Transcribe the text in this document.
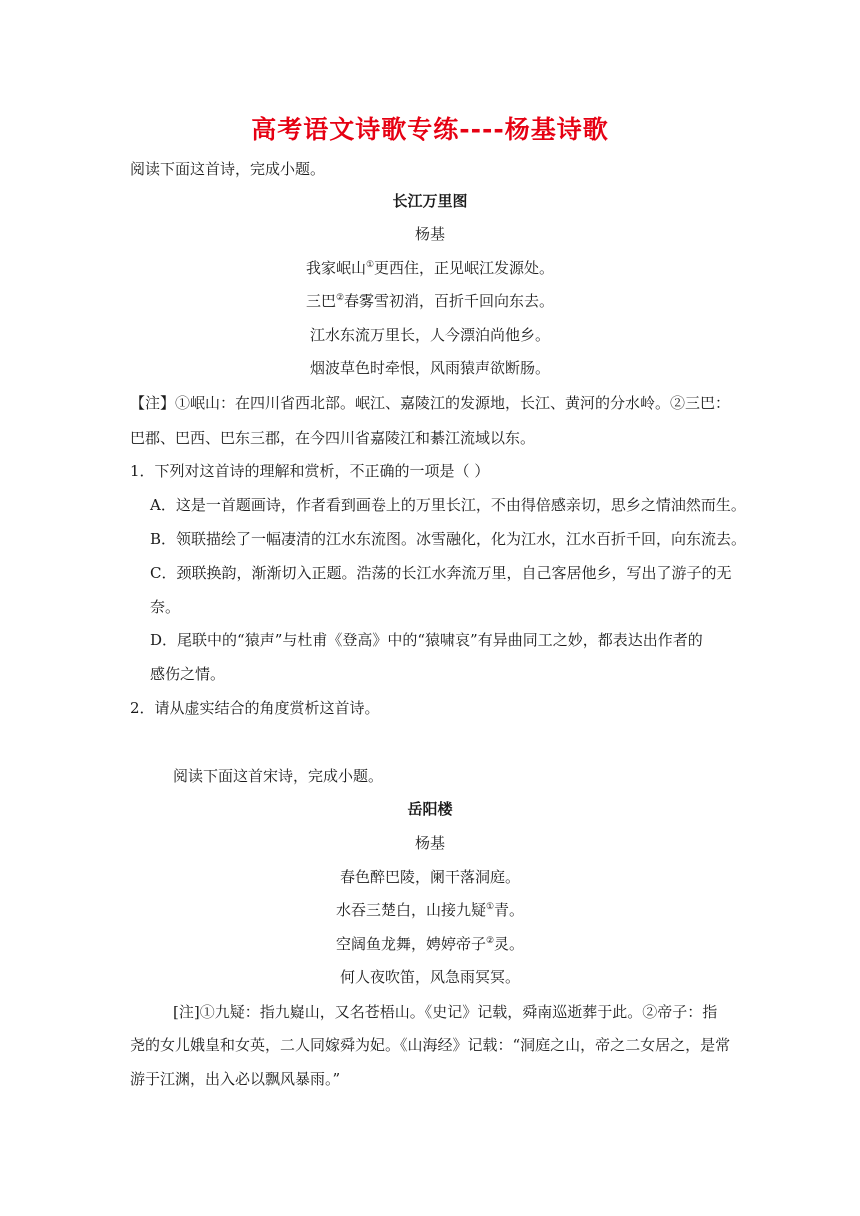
高考语文诗歌专练----杨基诗歌
阅读下面这首诗，完成小题。
长江万里图
杨基
我家岷山①更西住，正见岷江发源处。
三巴②春雾雪初消，百折千回向东去。
江水东流万里长，人今漂泊尚他乡。
烟波草色时牵恨，风雨猿声欲断肠。
【注】①岷山：在四川省西北部。岷江、嘉陵江的发源地，长江、黄河的分水岭。②三巴：
巴郡、巴西、巴东三郡，在今四川省嘉陵江和綦江流域以东。
1．下列对这首诗的理解和赏析，不正确的一项是（ ）
A．这是一首题画诗，作者看到画卷上的万里长江，不由得倍感亲切，思乡之情油然而生。
B．领联描绘了一幅凄清的江水东流图。冰雪融化，化为江水，江水百折千回，向东流去。
C．颈联换韵，渐渐切入正题。浩荡的长江水奔流万里，自己客居他乡，写出了游子的无
奈。
D．尾联中的“猿声”与杜甫《登高》中的“猿啸哀”有异曲同工之妙，都表达出作者的
感伤之情。
2．请从虚实结合的角度赏析这首诗。
阅读下面这首宋诗，完成小题。
岳阳楼
杨基
春色醉巴陵，阑干落洞庭。
水吞三楚白，山接九疑①青。
空阔鱼龙舞，娉婷帝子②灵。
何人夜吹笛，风急雨冥冥。
[注]①九疑：指九嶷山，又名苍梧山。《史记》记载，舜南巡逝葬于此。②帝子：指
尧的女儿娥皇和女英，二人同嫁舜为妃。《山海经》记载：“洞庭之山，帝之二女居之，是常
游于江渊，出入必以飘风暴雨。”
